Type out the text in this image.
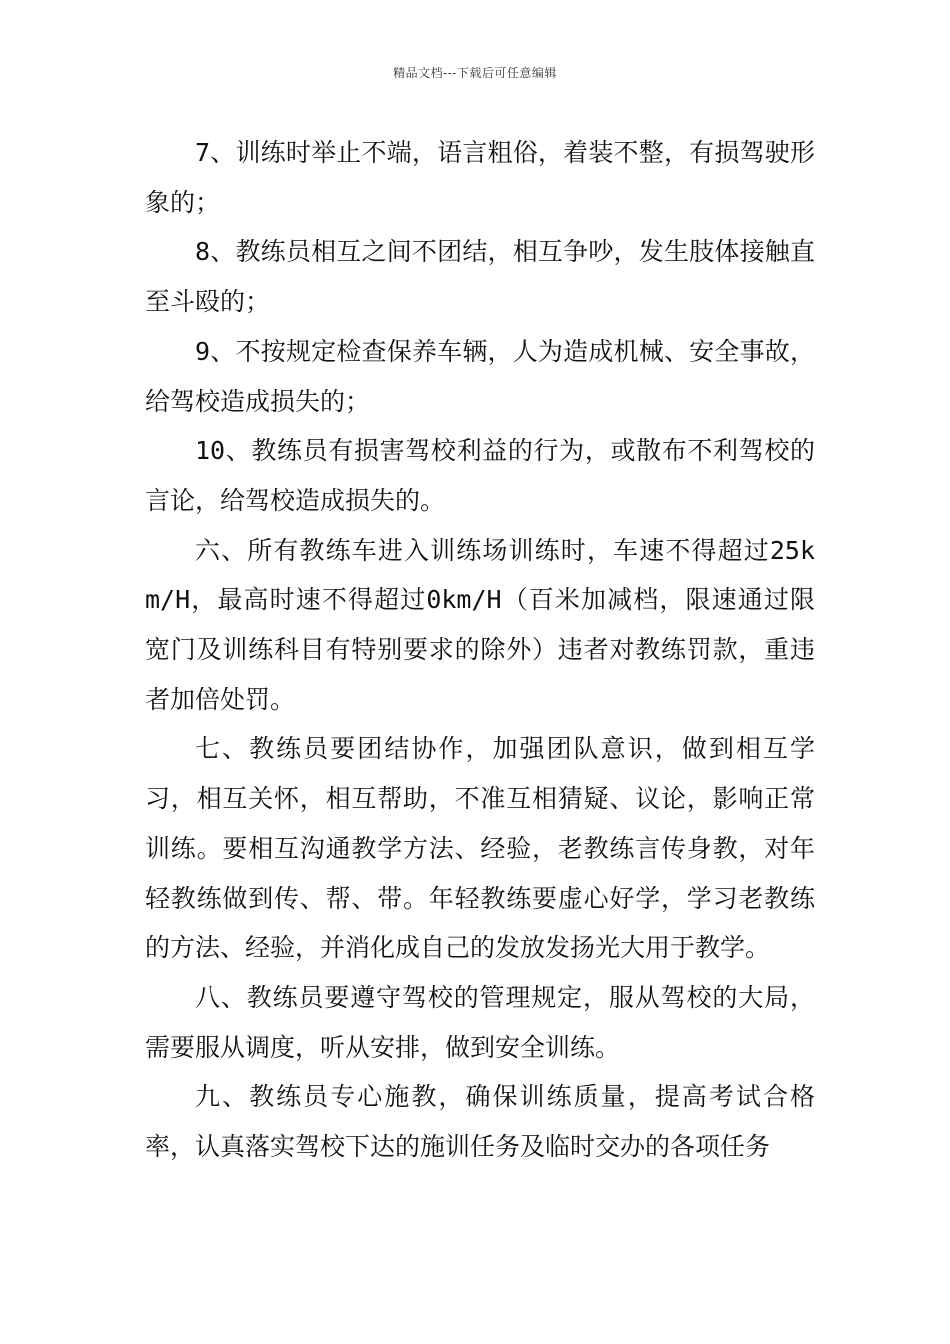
精品文档---下载后可任意编辑

7、训练时举止不端，语言粗俗，着装不整，有损驾驶形象的；

8、教练员相互之间不团结，相互争吵，发生肢体接触直至斗殴的；

9、不按规定检查保养车辆，人为造成机械、安全事故，给驾校造成损失的；

10、教练员有损害驾校利益的行为，或散布不利驾校的言论，给驾校造成损失的。

六、所有教练车进入训练场训练时，车速不得超过25km/H，最高时速不得超过0km/H（百米加减档，限速通过限宽门及训练科目有特别要求的除外）违者对教练罚款，重违者加倍处罚。

七、教练员要团结协作，加强团队意识，做到相互学习，相互关怀，相互帮助，不准互相猜疑、议论，影响正常训练。要相互沟通教学方法、经验，老教练言传身教，对年轻教练做到传、帮、带。年轻教练要虚心好学，学习老教练的方法、经验，并消化成自己的发放发扬光大用于教学。

八、教练员要遵守驾校的管理规定，服从驾校的大局，需要服从调度，听从安排，做到安全训练。

九、教练员专心施教，确保训练质量，提高考试合格率，认真落实驾校下达的施训任务及临时交办的各项任务
